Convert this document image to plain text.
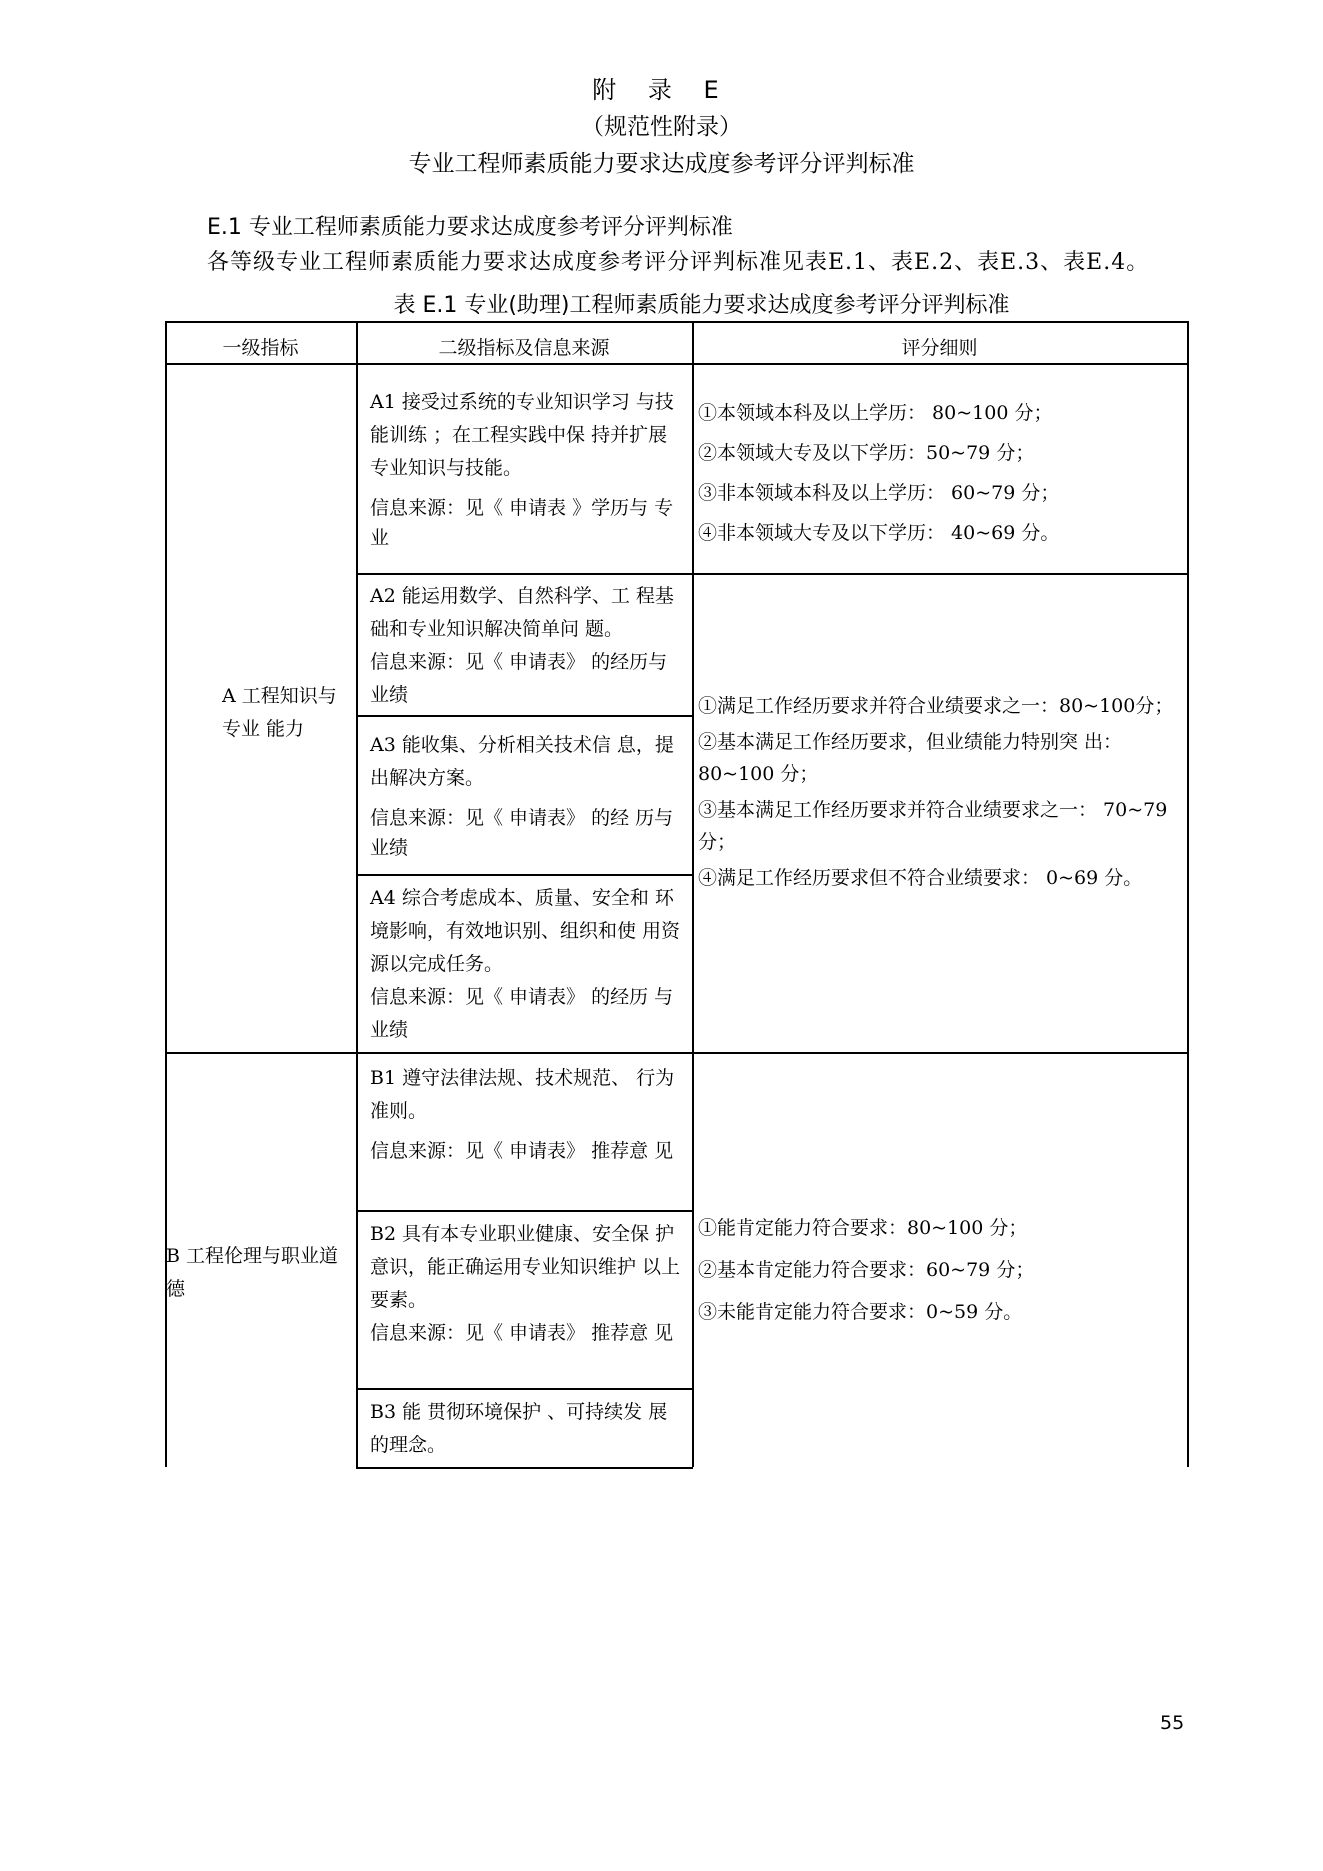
附 录 E
（规范性附录）
专业工程师素质能力要求达成度参考评分评判标准
E.1 专业工程师素质能力要求达成度参考评分评判标准
各等级专业工程师素质能力要求达成度参考评分评判标准见表E.1、表E.2、表E.3、表E.4。
表 E.1 专业(助理)工程师素质能力要求达成度参考评分评判标准
一级指标	二级指标及信息来源	评分细则
A 工程知识与专业 能力
A1 接受过系统的专业知识学习 与技能训练 ；在工程实践中保 持并扩展专业知识与技能。
信息来源：见《 申请表 》学历与 专业
A2 能运用数学、自然科学、工 程基础和专业知识解决简单问 题。
信息来源：见《 申请表》 的经历与业绩
A3 能收集、分析相关技术信 息，提出解决方案。
信息来源：见《 申请表》 的经 历与业绩
A4 综合考虑成本、质量、安全和 环境影响，有效地识别、组织和使 用资源以完成任务。
信息来源：见《 申请表》 的经历 与业绩
①本领域本科及以上学历： 80~100 分；
②本领域大专及以下学历：50~79 分；
③非本领域本科及以上学历： 60~79 分；
④非本领域大专及以下学历： 40~69 分。
①满足工作经历要求并符合业绩要求之一：80~100分；
②基本满足工作经历要求，但业绩能力特别突 出：80~100 分；
③基本满足工作经历要求并符合业绩要求之一： 70~79 分；
④满足工作经历要求但不符合业绩要求： 0~69 分。
B 工程伦理与职业道德
B1 遵守法律法规、技术规范、 行为准则。
信息来源：见《 申请表》 推荐意 见
B2 具有本专业职业健康、安全保 护意识，能正确运用专业知识维护 以上要素。
信息来源：见《 申请表》 推荐意 见
B3 能 贯彻环境保护 、可持续发 展的理念。
①能肯定能力符合要求：80~100 分；
②基本肯定能力符合要求：60~79 分；
③未能肯定能力符合要求：0~59 分。
55
